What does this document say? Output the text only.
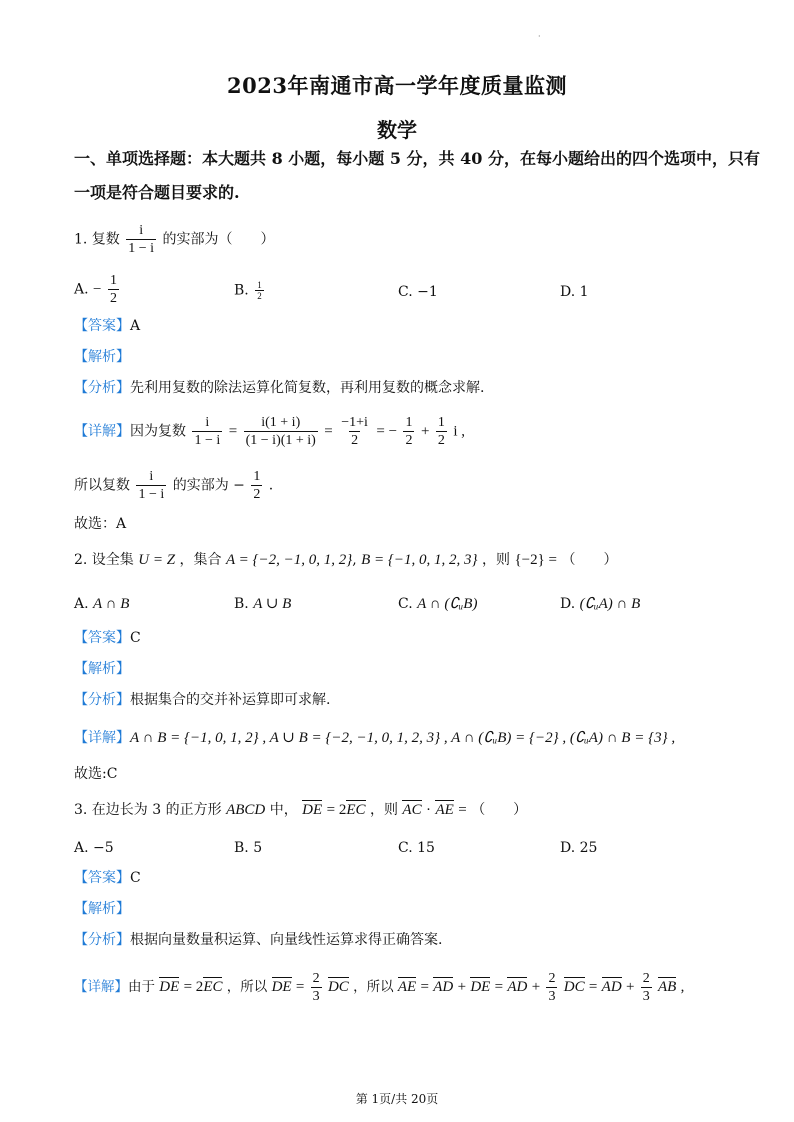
·
2023年南通市高一学年度质量监测
数学
一、单项选择题：本大题共 8 小题，每小题 5 分，共 40 分，在每小题给出的四个选项中，只有
一项是符合题目要求的.
1. 复数 $\frac{i}{1 - i}$ 的实部为（　　）
A. − $\frac{1}{2}$	B. $\frac{1}{2}$	C. −1	D. 1
【答案】A
【解析】
【分析】先利用复数的除法运算化简复数，再利用复数的概念求解.
【详解】因为复数 $\frac{i}{1 - i} = \frac{i(1 + i)}{(1 - i)(1 + i)} = \frac{-1+i}{2}$ = − $\frac{1}{2} + \frac{1}{2}$ i ,
所以复数 $\frac{i}{1 - i}$ 的实部为 − $\frac{1}{2}$ .
故选：A
2. 设全集 U = Z ，集合 A = {−2, −1, 0, 1, 2}, B = {−1, 0, 1, 2, 3} ，则 {−2} = （　　）
A. A ∩ B	B. A ∪ B	C. A ∩ (∁ᵤB)	D. (∁ᵤA) ∩ B
【答案】C
【解析】
【分析】根据集合的交并补运算即可求解.
【详解】A ∩ B = {−1, 0, 1, 2} , A ∪ B = {−2, −1, 0, 1, 2, 3} , A ∩ (∁ᵤB) = {−2} , (∁ᵤA) ∩ B = {3} ,
故选:C
3. 在边长为 3 的正方形 ABCD 中， DE = 2EC ，则 AC · AE = （　　）
A. −5	B. 5	C. 15	D. 25
【答案】C
【解析】
【分析】根据向量数量积运算、向量线性运算求得正确答案.
【详解】由于 DE = 2EC ，所以 DE = $\frac{2}{3}$ DC ，所以 AE = AD + DE = AD + $\frac{2}{3}$ DC = AD + $\frac{2}{3}$ AB ,
第 1页/共 20页
